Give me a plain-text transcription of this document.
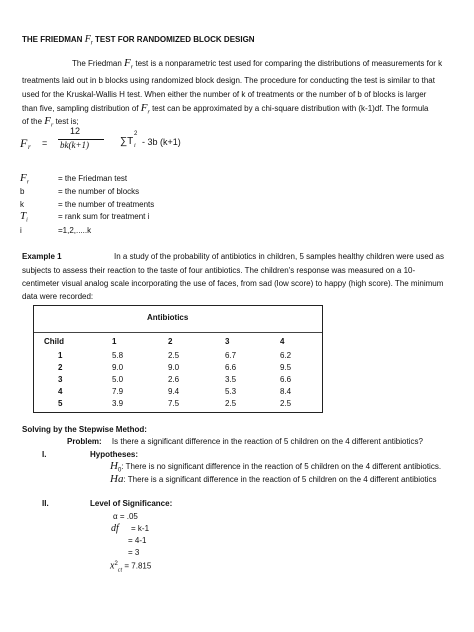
THE FRIEDMAN $F_r$ TEST FOR RANDOMIZED BLOCK DESIGN
The Friedman $F_r$ test is a nonparametric test used for comparing the distributions of measurements for k
treatments laid out in b blocks using randomized block design. The procedure for conducting the test is similar to that
used for the Kruskal-Wallis H test. When either the number of k of treatments or the number of b of blocks is larger
than five, sampling distribution of $F_r$ test can be approximated by a chi-square distribution with (k-1)df. The formula
of the $F_r$ test is;
F r =
12
bk(k+1)	∑T
2
i - 3b (k+1)
$F_r$	= the Friedman test
b	= the number of blocks
k	= the number of treatments
$T_i$	= rank sum for treatment i
i	=1,2,.....k
Example 1	In a study of the probability of antibiotics in children, 5 samples healthy children were used as
subjects to assess their reaction to the taste of four antibiotics. The children's response was measured on a 10-
centimeter visual analog scale incorporating the use of faces, from sad (low score) to happy (high score). The minimum
data were recorded:
Antibiotics
Child	1	2	3	4
1	5.8	2.5	6.7	6.2
2	9.0	9.0	6.6	9.5
3	5.0	2.6	3.5	6.6
4	7.9	9.4	5.3	8.4
5	3.9	7.5	2.5	2.5
Solving by the Stepwise Method:
Problem: Is there a significant difference in the reaction of 5 children on the 4 different antibiotics?
I.	Hypotheses:
$H_0$: There is no significant difference in the reaction of 5 children on the 4 different antibiotics.
Ha: There is a significant difference in the reaction of 5 children on the 4 different antibiotics
II.	Level of Significance:
α = .05
df = k-1
= 4-1
= 3
$x^2_{ct} = 7.815$
